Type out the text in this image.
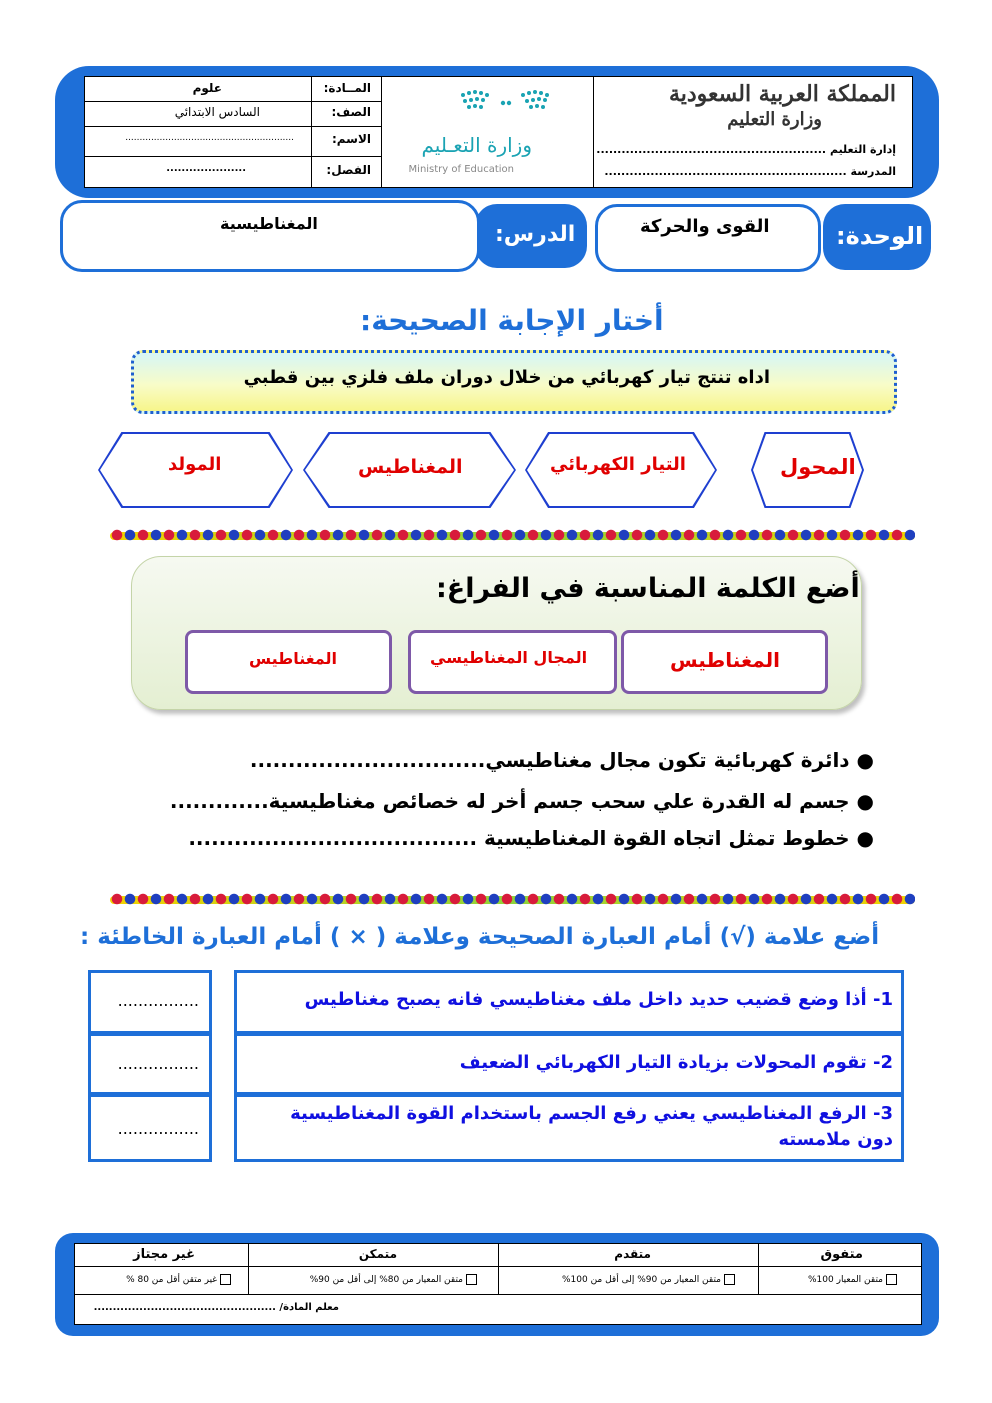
المــادة:
الصف:
الاسم:
الفصل:
علوم
السادس الابتدائي
...........................................................
.....................
وزارة التعـليم
Ministry of Education
المملكة العربية السعودية
وزارة التعليم
إدارة التعليم .......................................................
المدرسة ..........................................................
الوحدة:
القوى والحركة
الدرس:
المغناطيسية
أختار الإجابة الصحيحة:
اداه تنتج تيار كهربائي من خلال دوران ملف فلزي بين قطبي
المحول
التيار الكهربائي
المغناطيس
المولد
أضع الكلمة المناسبة في الفراغ:
المغناطيس
المجال المغناطيسي
المغناطيس
● دائرة كهربائية تكون مجال مغناطيسي...............................
● جسم له القدرة علي سحب جسم أخر له خصائص مغناطيسية.............
● خطوط تمثل اتجاه القوة المغناطيسية ......................................
أضع علامة (√) أمام العبارة الصحيحة وعلامة ( × ) أمام العبارة الخاطئة :
1- أذا وضع قضيب حديد داخل ملف مغناطيسي فانه يصبح مغناطيس
2- تقوم المحولات بزيادة التيار الكهربائي الضعيف
3- الرفع المغناطيسي يعني رفع الجسم باستخدام القوة المغناطيسية دون ملامسته
................
................
................
متفوق
متقدم
متمكن
غير مجتاز
متقن المعيار 100%
متقن المعيار من 90% إلى أقل من 100%
متقن المعيار من 80% إلى أقل من 90%
غير متقن أقل من 80 %
معلم المادة/ ................................................
